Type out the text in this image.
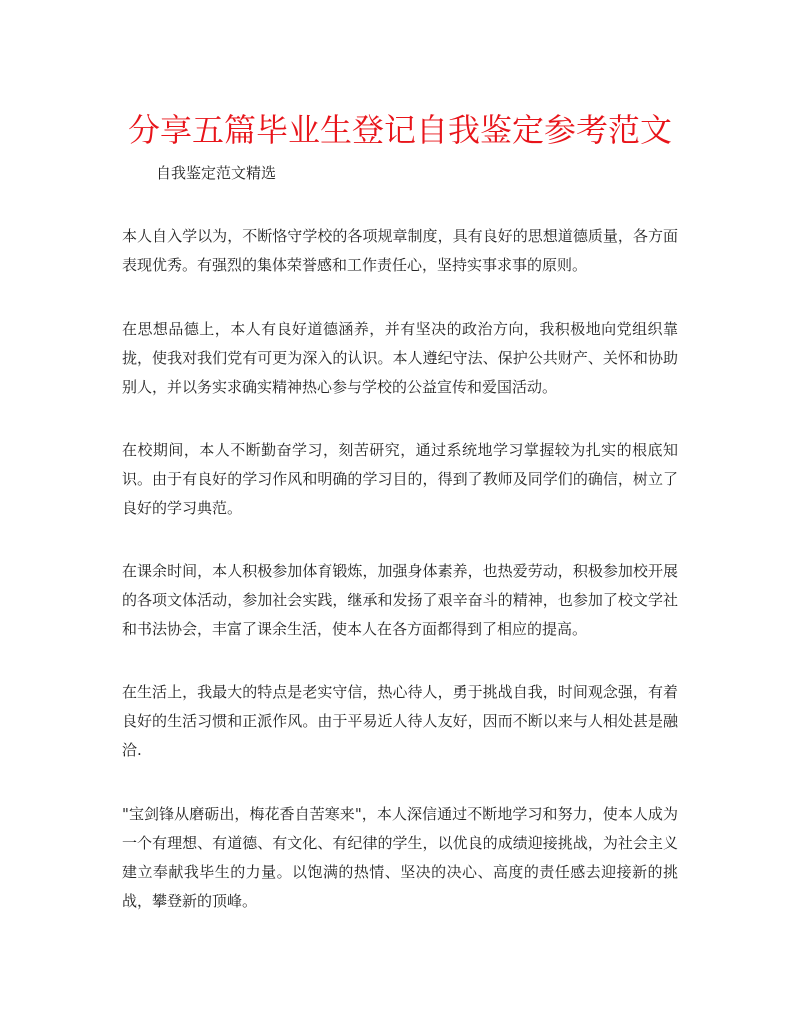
分享五篇毕业生登记自我鉴定参考范文

自我鉴定范文精选

本人自入学以为，不断恪守学校的各项规章制度，具有良好的思想道德质量，各方面表现优秀。有强烈的集体荣誉感和工作责任心，坚持实事求事的原则。

在思想品德上，本人有良好道德涵养，并有坚决的政治方向，我积极地向党组织靠拢，使我对我们党有可更为深入的认识。本人遵纪守法、保护公共财产、关怀和协助别人，并以务实求确实精神热心参与学校的公益宣传和爱国活动。

在校期间，本人不断勤奋学习，刻苦研究，通过系统地学习掌握较为扎实的根底知识。由于有良好的学习作风和明确的学习目的，得到了教师及同学们的确信，树立了良好的学习典范。

在课余时间，本人积极参加体育锻炼，加强身体素养，也热爱劳动，积极参加校开展的各项文体活动，参加社会实践，继承和发扬了艰辛奋斗的精神，也参加了校文学社和书法协会，丰富了课余生活，使本人在各方面都得到了相应的提高。

在生活上，我最大的特点是老实守信，热心待人，勇于挑战自我，时间观念强，有着良好的生活习惯和正派作风。由于平易近人待人友好，因而不断以来与人相处甚是融洽.

"宝剑锋从磨砺出，梅花香自苦寒来"，本人深信通过不断地学习和努力，使本人成为一个有理想、有道德、有文化、有纪律的学生，以优良的成绩迎接挑战，为社会主义建立奉献我毕生的力量。以饱满的热情、坚决的决心、高度的责任感去迎接新的挑战，攀登新的顶峰。
